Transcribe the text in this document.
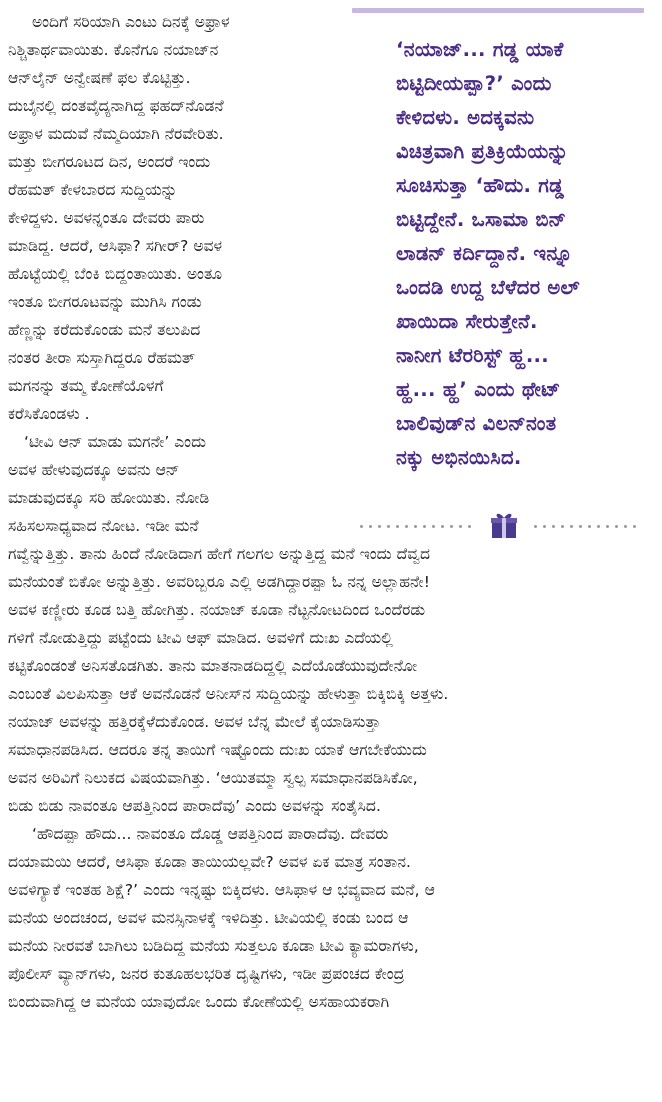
ಅಂದಿಗೆ ಸರಿಯಾಗಿ ಎಂಟು ದಿನಕ್ಕೆ ಅಫ್ರಾಳ
ನಿಶ್ಚಿತಾರ್ಥವಾಯಿತು. ಕೊನೆಗೂ ನಯಾಜ್‌ನ
ಆನ್‌ಲೈನ್ ಅನ್ವೇಷಣೆ ಫಲ ಕೊಟ್ಟಿತ್ತು.
ದುಬೈನಲ್ಲಿ ದಂತವೈದ್ಯನಾಗಿದ್ದ ಫಹದ್‌ನೊಡನೆ
ಅಫ್ರಾಳ ಮದುವೆ ನೆಮ್ಮದಿಯಾಗಿ ನೆರವೇರಿತು.
ಮತ್ತು ಬೀಗರೂಟದ ದಿನ, ಅಂದರೆ ಇಂದು
ರೆಹಮತ್ ಕೇಳಬಾರದ ಸುದ್ದಿಯನ್ನು
ಕೇಳಿದ್ದಳು. ಅವಳನ್ನಂತೂ ದೇವರು ಪಾರು
ಮಾಡಿದ್ದ. ಆದರೆ, ಆಸಿಫಾ? ಸಗೀರ್? ಅವಳ
ಹೊಟ್ಟೆಯಲ್ಲಿ ಬೆಂಕಿ ಬಿದ್ದಂತಾಯಿತು. ಅಂತೂ
ಇಂತೂ ಬೀಗರೂಟವನ್ನು ಮುಗಿಸಿ ಗಂಡು
ಹೆಣ್ಣನ್ನು ಕರೆದುಕೊಂಡು ಮನೆ ತಲುಪಿದ
ನಂತರ ತೀರಾ ಸುಸ್ತಾಗಿದ್ದರೂ ರೆಹಮತ್
ಮಗನನ್ನು ತಮ್ಮ ಕೋಣೆಯೊಳಗೆ
ಕರೆಸಿಕೊಂಡಳು .
‘ಟೀವಿ ಆನ್ ಮಾಡು ಮಗನೇ’ ಎಂದು
ಅವಳ ಹೇಳುವುದಕ್ಕೂ ಅವನು ಆನ್
ಮಾಡುವುದಕ್ಕೂ ಸರಿ ಹೋಯಿತು. ನೋಡಿ
ಸಹಿಸಲಸಾಧ್ಯವಾದ ನೋಟ. ಇಡೀ ಮನೆ
‘ನಯಾಜ್... ಗಡ್ಡ ಯಾಕೆ
ಬಿಟ್ಟಿದೀಯಪ್ಪಾ?’ ಎಂದು
ಕೇಳಿದಳು. ಅದಕ್ಕವನು
ವಿಚಿತ್ರವಾಗಿ ಪ್ರತಿಕ್ರಿಯೆಯನ್ನು
ಸೂಚಿಸುತ್ತಾ ‘ಹೌದು. ಗಡ್ಡ
ಬಿಟ್ಟಿದ್ದೇನೆ. ಒಸಾಮಾ ಬಿನ್
ಲಾಡನ್ ಕರ್ದಿದ್ದಾನೆ. ಇನ್ನೂ
ಒಂದಡಿ ಉದ್ದ ಬೆಳೆದರ ಅಲ್
ಖಾಯಿದಾ ಸೇರುತ್ತೇನೆ.
ನಾನೀಗ ಟೆರರಿಸ್ಟ್ ಹ್ಹ...
ಹ್ಹ... ಹ್ಹ’ ಎಂದು ಥೇಟ್
ಬಾಲಿವುಡ್‌ನ ವಿಲನ್‌ನಂತ
ನಕ್ಕು ಅಭಿನಯಿಸಿದ.
ಗವ್ವೆನ್ನುತ್ತಿತ್ತು. ತಾನು ಹಿಂದೆ ನೋಡಿದಾಗ ಹೇಗೆ ಗಲಗಲ ಅನ್ನುತ್ತಿದ್ದ ಮನೆ ಇಂದು ದೆವ್ವದ
ಮನೆಯಂತೆ ಬಿಕೋ ಅನ್ನುತ್ತಿತ್ತು. ಅವರಿಬ್ಬರೂ ಎಲ್ಲಿ ಅಡಗಿದ್ದಾರಪ್ಪಾ ಓ ನನ್ನ ಅಲ್ಲಾಹನೇ!
ಅವಳ ಕಣ್ಣೀರು ಕೂಡ ಬತ್ತಿ ಹೋಗಿತ್ತು. ನಯಾಜ್ ಕೂಡಾ ನೆಟ್ಟನೋಟದಿಂದ ಒಂದೆರಡು
ಗಳಿಗೆ ನೋಡುತ್ತಿದ್ದು ಪಟ್ಟೆಂದು ಟೀವಿ ಆಫ್ ಮಾಡಿದ. ಅವಳಿಗೆ ದುಃಖ ಎದೆಯಲ್ಲಿ
ಕಟ್ಟಿಕೊಂಡಂತೆ ಅನಿಸತೊಡಗಿತು. ತಾನು ಮಾತನಾಡದಿದ್ದಲ್ಲಿ ಎದೆಯೊಡೆಯುವುದೇನೋ
ಎಂಬಂತೆ ವಿಲಪಿಸುತ್ತಾ ಆಕೆ ಅವನೊಡನೆ ಅನೀಸ್‌ನ ಸುದ್ದಿಯನ್ನು ಹೇಳುತ್ತಾ ಬಿಕ್ಕಿಬಿಕ್ಕಿ ಅತ್ತಳು.
ನಯಾಜ್ ಅವಳನ್ನು ಹತ್ತಿರಕ್ಕೆಳೆದುಕೊಂಡ. ಅವಳ ಬೆನ್ನ ಮೇಲೆ ಕೈಯಾಡಿಸುತ್ತಾ
ಸಮಾಧಾನಪಡಿಸಿದ. ಆದರೂ ತನ್ನ ತಾಯಿಗೆ ಇಷ್ಟೊಂದು ದುಃಖ ಯಾಕೆ ಆಗಬೇಕೆಯುದು
ಅವನ ಅರಿವಿಗೆ ನಿಲುಕದ ವಿಷಯವಾಗಿತ್ತು. ‘ಆಯಿತಮ್ಮಾ ಸ್ವಲ್ಪ ಸಮಾಧಾನಪಡಿಸಿಕೋ,
ಬಿಡು ಬಿಡು ನಾವಂತೂ ಆಪತ್ತಿನಿಂದ ಪಾರಾದೆವು’ ಎಂದು ಅವಳನ್ನು ಸಂತೈಸಿದ.
‘ಹೌದಪ್ಪಾ ಹೌದು... ನಾವಂತೂ ದೊಡ್ಡ ಆಪತ್ತಿನಿಂದ ಪಾರಾದೆವು. ದೇವರು
ದಯಾಮಯಿ ಆದರೆ, ಆಸಿಫಾ ಕೂಡಾ ತಾಯಿಯಲ್ಲವೇ? ಅವಳ ಏಕ ಮಾತ್ರ ಸಂತಾನ.
ಅವಳಿಗ್ಯಾಕೆ ಇಂತಹ ಶಿಕ್ಷೆ?’ ಎಂದು ಇನ್ನಷ್ಟು ಬಿಕ್ಕಿದಳು. ಆಸಿಫಾಳ ಆ ಭವ್ಯವಾದ ಮನೆ, ಆ
ಮನೆಯ ಅಂದಚಂದ, ಅವಳ ಮನಸ್ಸಿನಾಳಕ್ಕೆ ಇಳಿದಿತ್ತು. ಟೀವಿಯಲ್ಲಿ ಕಂಡು ಬಂದ ಆ
ಮನೆಯ ನೀರವತೆ ಬಾಗಿಲು ಬಡಿದಿದ್ದ ಮನೆಯ ಸುತ್ತಲೂ ಕೂಡಾ ಟೀವಿ ಕ್ಯಾಮರಾಗಳು,
ಪೊಲೀಸ್ ವ್ಯಾನ್‌ಗಳು, ಜನರ ಕುತೂಹಲಭರಿತ ದೃಷ್ಟಿಗಳು, ಇಡೀ ಪ್ರಪಂಚದ ಕೇಂದ್ರ
ಬಿಂದುವಾಗಿದ್ದ ಆ ಮನೆಯ ಯಾವುದೋ ಒಂದು ಕೋಣೆಯಲ್ಲಿ ಅಸಹಾಯಕರಾಗಿ
